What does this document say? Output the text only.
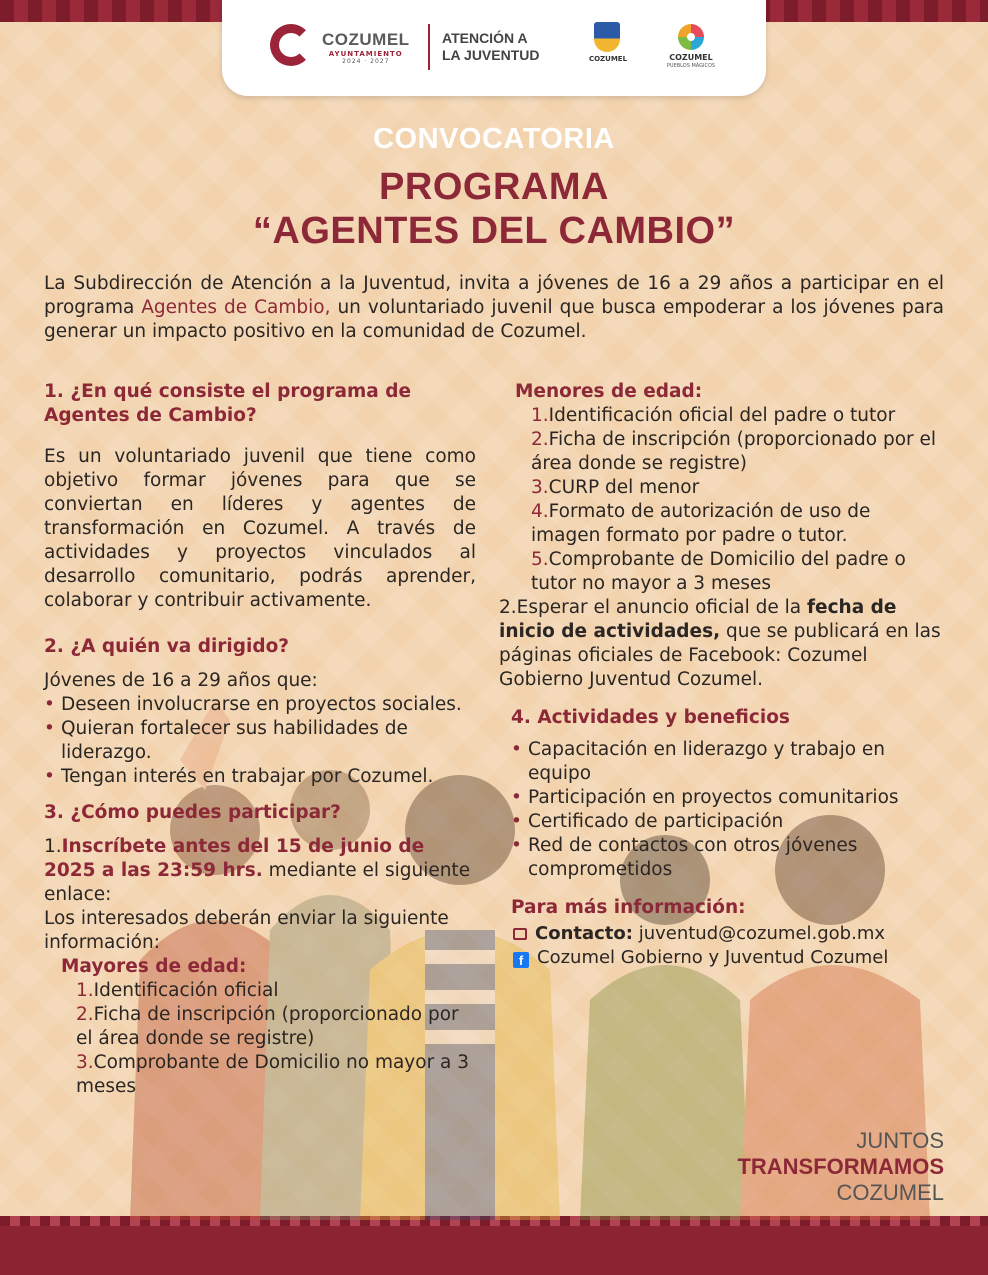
COZUMEL
AYUNTAMIENTO
2024 · 2027
ATENCIÓN A
LA JUVENTUD	COZUMEL	COZUMEL
PUEBLOS MÁGICOS
CONVOCATORIA
PROGRAMA
“AGENTES DEL CAMBIO”
La Subdirección de Atención a la Juventud, invita a jóvenes de 16 a 29 años a participar en el programa Agentes de Cambio, un voluntariado juvenil que busca empoderar a los jóvenes para generar un impacto positivo en la comunidad de Cozumel.
1. ¿En qué consiste el programa de Agentes de Cambio?
Es un voluntariado juvenil que tiene como objetivo formar jóvenes para que se conviertan en líderes y agentes de transformación en Cozumel. A través de actividades y proyectos vinculados al desarrollo comunitario, podrás aprender, colaborar y contribuir activamente.
2. ¿A quién va dirigido?
Jóvenes de 16 a 29 años que:
• Deseen involucrarse en proyectos sociales.
• Quieran fortalecer sus habilidades de liderazgo.
• Tengan interés en trabajar por Cozumel.
3. ¿Cómo puedes participar?
1.Inscríbete antes del 15 de junio de 2025 a las 23:59 hrs. mediante el siguiente enlace:
Los interesados deberán enviar la siguiente información:
Mayores de edad:
1.Identificación oficial
2.Ficha de inscripción (proporcionado por el área donde se registre)
3.Comprobante de Domicilio no mayor a 3 meses
Menores de edad:
1.Identificación oficial del padre o tutor
2.Ficha de inscripción (proporcionado por el área donde se registre)
3.CURP del menor
4.Formato de autorización de uso de imagen formato por padre o tutor.
5.Comprobante de Domicilio del padre o tutor no mayor a 3 meses
2.Esperar el anuncio oficial de la fecha de inicio de actividades, que se publicará en las páginas oficiales de Facebook: Cozumel Gobierno Juventud Cozumel.
4. Actividades y beneficios
• Capacitación en liderazgo y trabajo en equipo
• Participación en proyectos comunitarios
• Certificado de participación
• Red de contactos con otros jóvenes comprometidos
Para más información:
Contacto: juventud@cozumel.gob.mx
f Cozumel Gobierno y Juventud Cozumel
JUNTOS
TRANSFORMAMOS
COZUMEL
